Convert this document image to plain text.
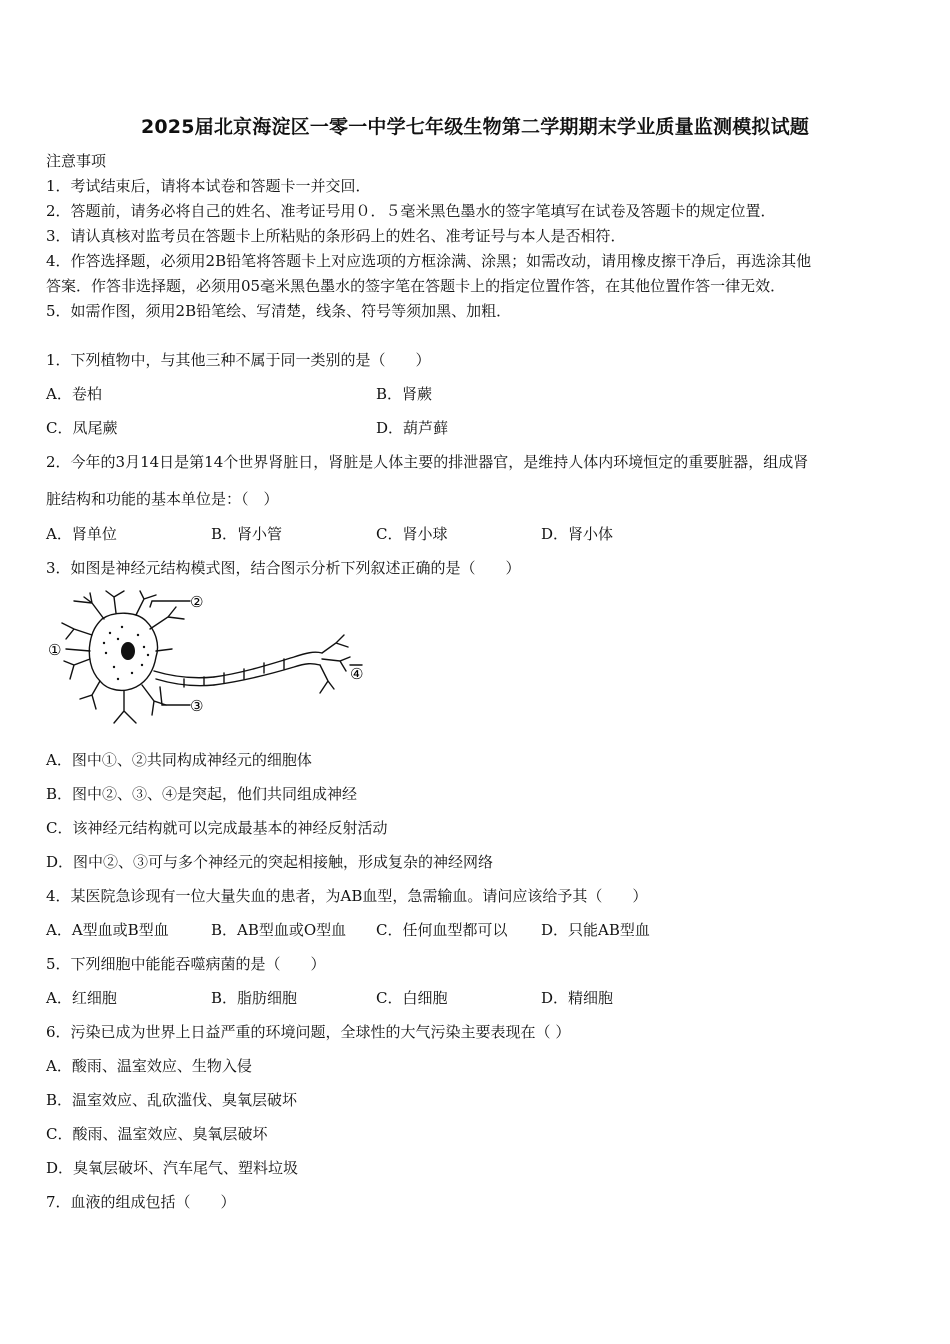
2025届北京海淀区一零一中学七年级生物第二学期期末学业质量监测模拟试题
注意事项
1．考试结束后，请将本试卷和答题卡一并交回．
2．答题前，请务必将自己的姓名、准考证号用０．５毫米黑色墨水的签字笔填写在试卷及答题卡的规定位置．
3．请认真核对监考员在答题卡上所粘贴的条形码上的姓名、准考证号与本人是否相符．
4．作答选择题，必须用2B铅笔将答题卡上对应选项的方框涂满、涂黑；如需改动，请用橡皮擦干净后，再选涂其他
答案．作答非选择题，必须用05毫米黑色墨水的签字笔在答题卡上的指定位置作答，在其他位置作答一律无效．
5．如需作图，须用2B铅笔绘、写清楚，线条、符号等须加黑、加粗．
1．下列植物中，与其他三种不属于同一类别的是（　　）
A．卷柏	B．肾蕨
C．凤尾蕨	D．葫芦藓
2．今年的3月14日是第14个世界肾脏日，肾脏是人体主要的排泄器官，是维持人体内环境恒定的重要脏器，组成肾
脏结构和功能的基本单位是：（　）
A．肾单位	B．肾小管	C．肾小球	D．肾小体
3．如图是神经元结构模式图，结合图示分析下列叙述正确的是（　　）
①
②
③
④
A．图中①、②共同构成神经元的细胞体
B．图中②、③、④是突起，他们共同组成神经
C．该神经元结构就可以完成最基本的神经反射活动
D．图中②、③可与多个神经元的突起相接触，形成复杂的神经网络
4．某医院急诊现有一位大量失血的患者，为AB血型，急需输血。请问应该给予其（　　）
A．A型血或B型血	B．AB型血或O型血 C．任何血型都可以 D．只能AB型血
5．下列细胞中能能吞噬病菌的是（　　）
A．红细胞	B．脂肪细胞	C．白细胞	D．精细胞
6．污染已成为世界上日益严重的环境问题，全球性的大气污染主要表现在（ ）
A．酸雨、温室效应、生物入侵
B．温室效应、乱砍滥伐、臭氧层破坏
C．酸雨、温室效应、臭氧层破坏
D．臭氧层破坏、汽车尾气、塑料垃圾
7．血液的组成包括（　　）
